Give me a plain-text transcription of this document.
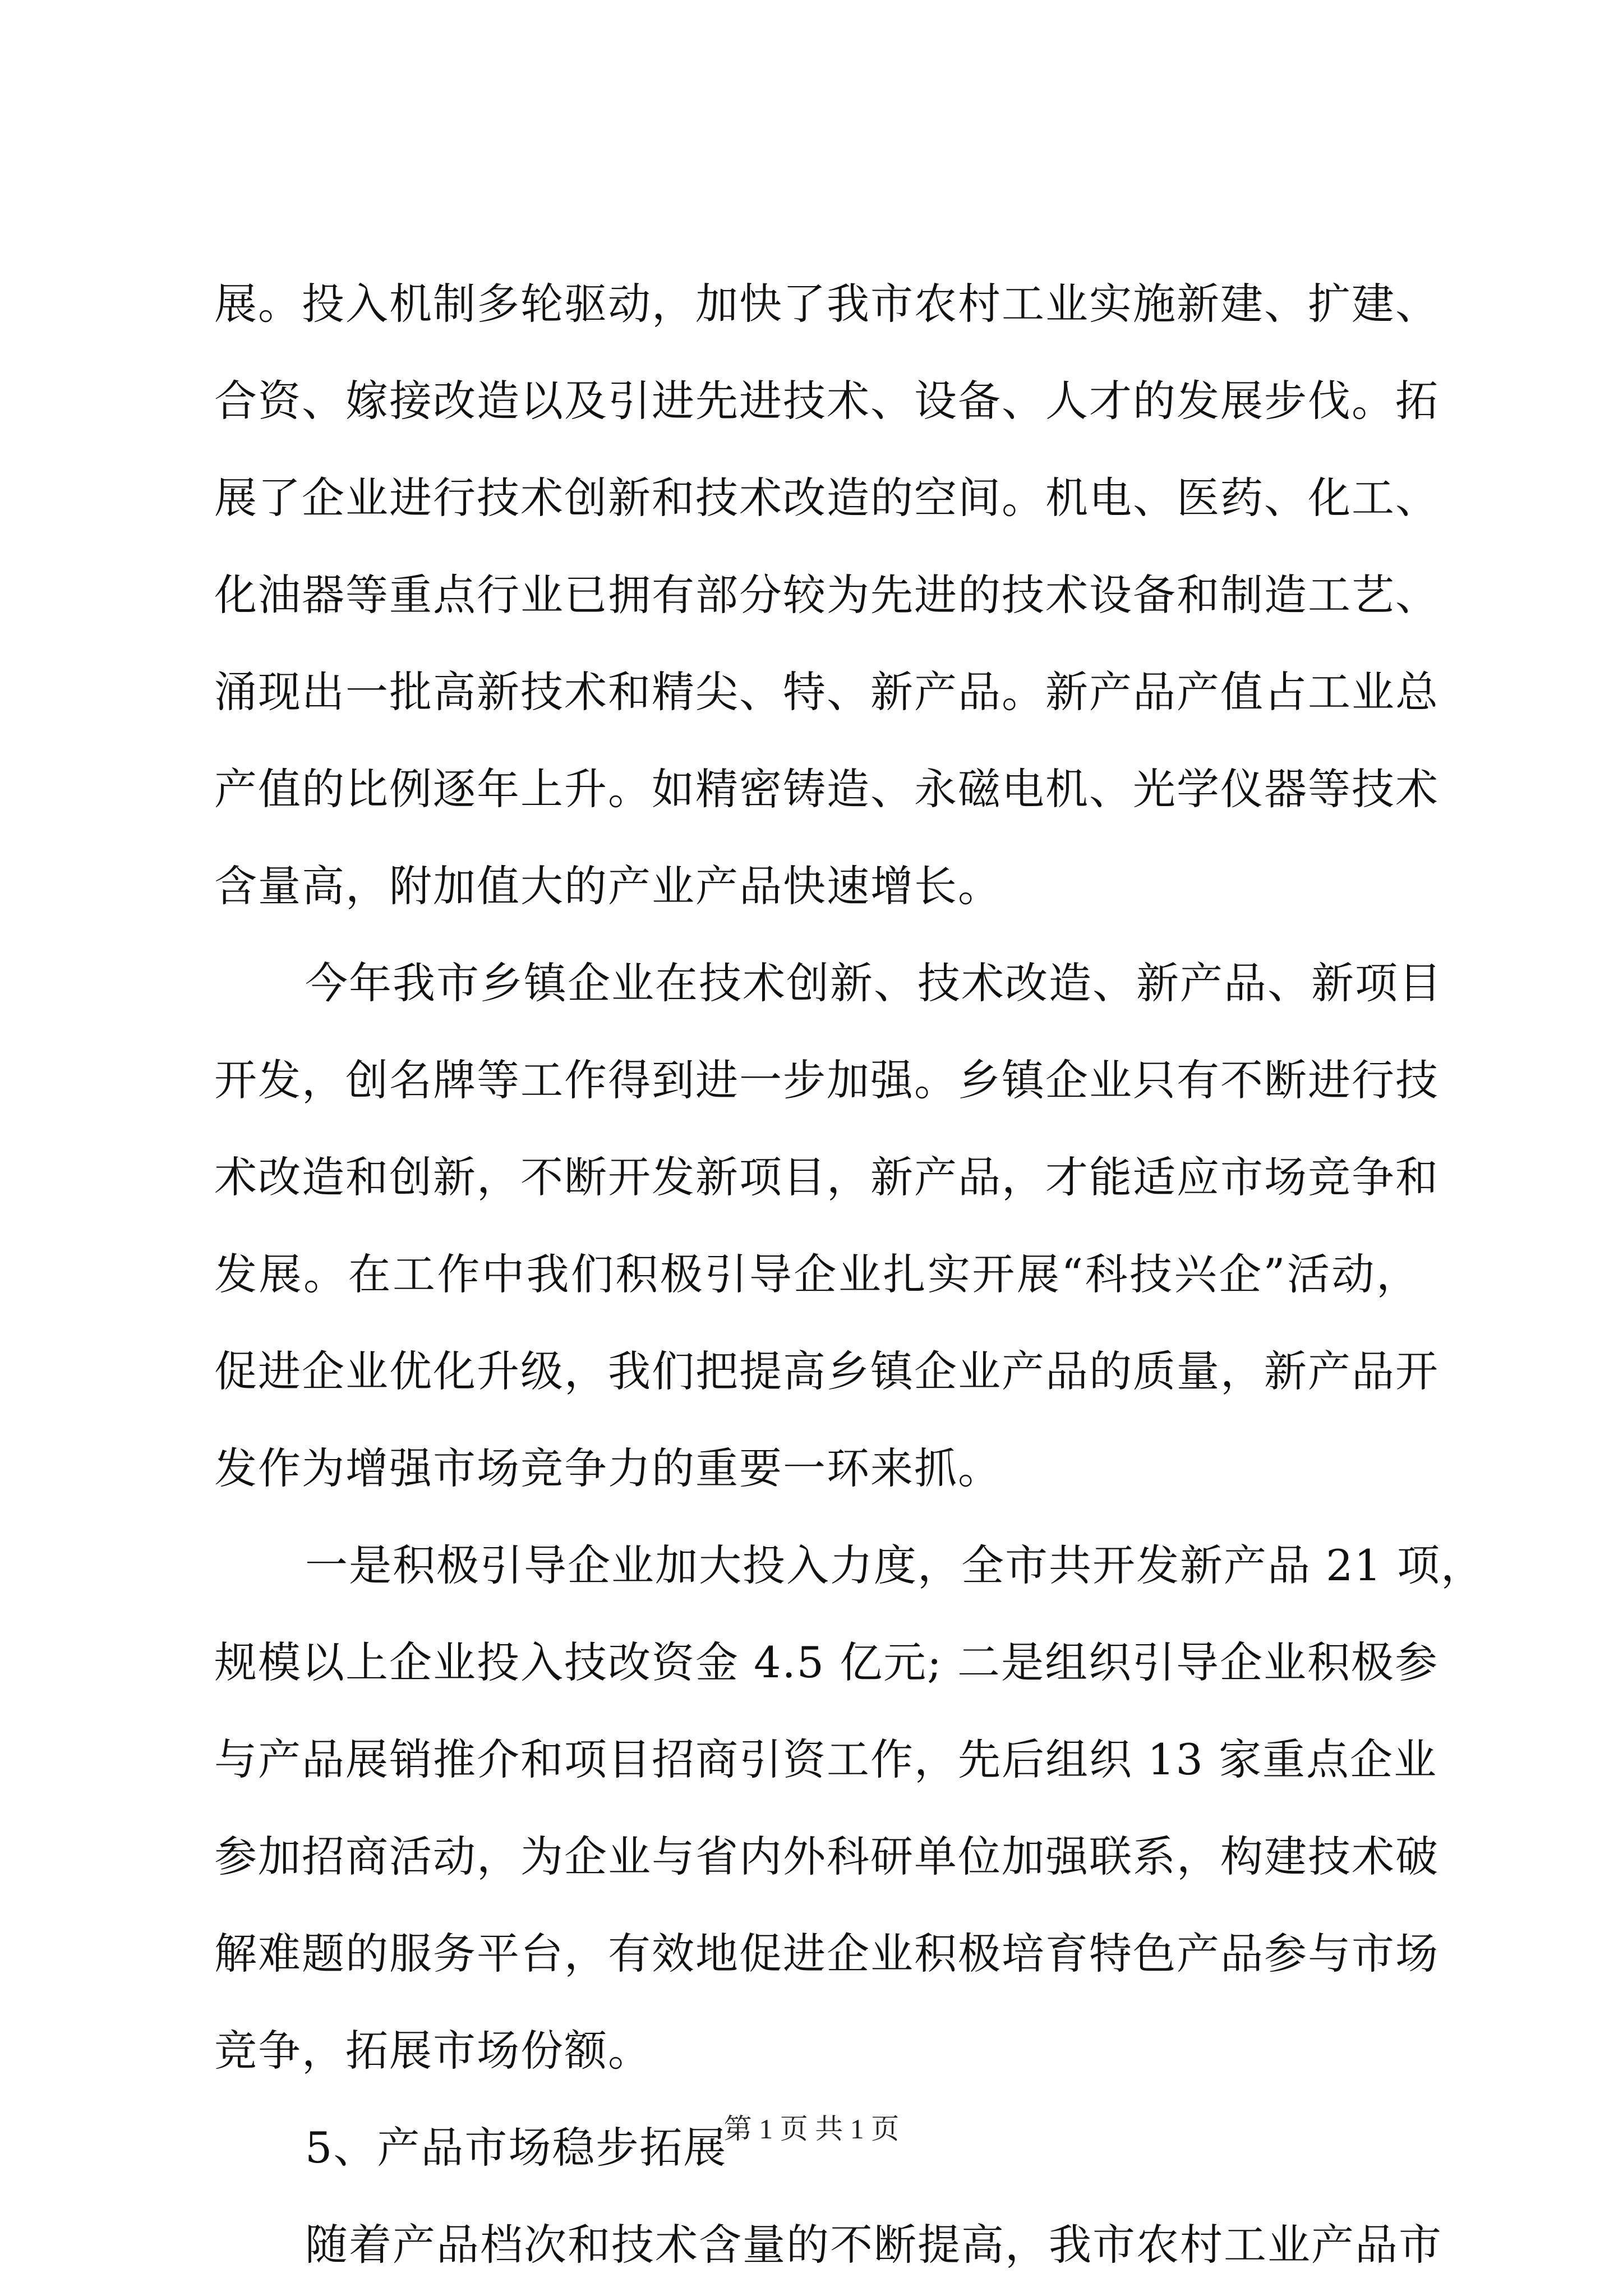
展。投入机制多轮驱动，加快了我市农村工业实施新建、扩建、
合资、嫁接改造以及引进先进技术、设备、人才的发展步伐。拓
展了企业进行技术创新和技术改造的空间。机电、医药、化工、
化油器等重点行业已拥有部分较为先进的技术设备和制造工艺、
涌现出一批高新技术和精尖、特、新产品。新产品产值占工业总
产值的比例逐年上升。如精密铸造、永磁电机、光学仪器等技术
含量高，附加值大的产业产品快速增长。
今年我市乡镇企业在技术创新、技术改造、新产品、新项目
开发，创名牌等工作得到进一步加强。乡镇企业只有不断进行技
术改造和创新，不断开发新项目，新产品，才能适应市场竞争和
发展。在工作中我们积极引导企业扎实开展“科技兴企”活动，
促进企业优化升级，我们把提高乡镇企业产品的质量，新产品开
发作为增强市场竞争力的重要一环来抓。
一是积极引导企业加大投入力度，全市共开发新产品 21 项，
规模以上企业投入技改资金 4.5 亿元; 二是组织引导企业积极参
与产品展销推介和项目招商引资工作，先后组织 13 家重点企业
参加招商活动，为企业与省内外科研单位加强联系，构建技术破
解难题的服务平台，有效地促进企业积极培育特色产品参与市场
竞争，拓展市场份额。
5、产品市场稳步拓展
随着产品档次和技术含量的不断提高，我市农村工业产品市
第 1 页 共 1 页
